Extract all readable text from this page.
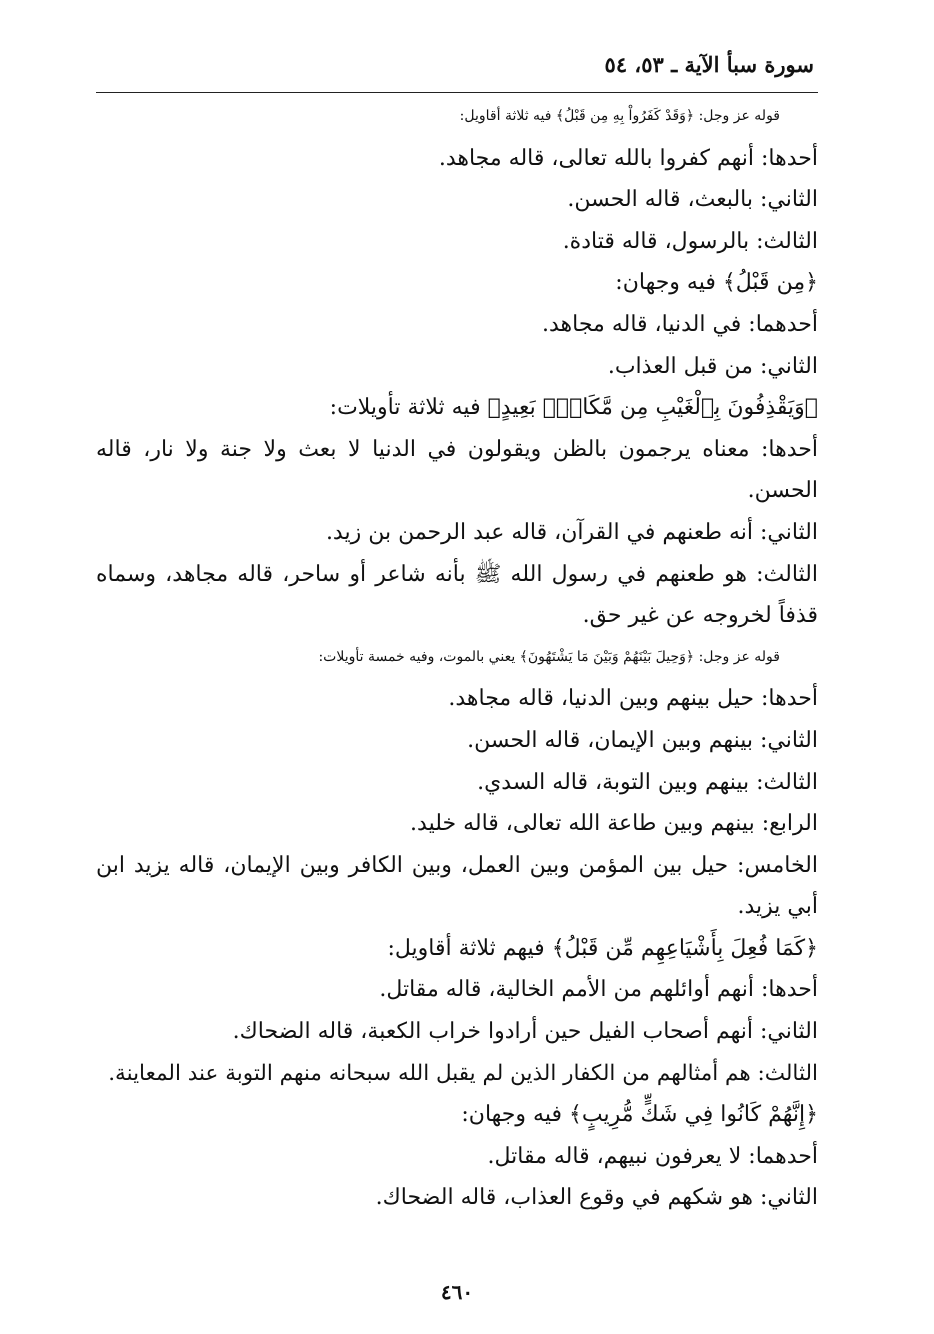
سورة سبأ الآية ـ ٥٣، ٥٤

قوله عز وجل: ﴿وَقَدْ كَفَرُواْ بِهِ مِن قَبْلُ﴾ فيه ثلاثة أقاويل:

أحدها: أنهم كفروا بالله تعالى، قاله مجاهد.

الثاني: بالبعث، قاله الحسن.

الثالث: بالرسول، قاله قتادة.

﴿مِن قَبْلُ﴾ فيه وجهان:

أحدهما: في الدنيا، قاله مجاهد.

الثاني: من قبل العذاب.

﴿وَيَقْذِفُونَ بِٱلْغَيْبِ مِن مَّكَانِۭ بَعِيدٍ﴾ فيه ثلاثة تأويلات:

أحدها: معناه يرجمون بالظن ويقولون في الدنيا لا بعث ولا جنة ولا نار، قاله الحسن.

الثاني: أنه طعنهم في القرآن، قاله عبد الرحمن بن زيد.

الثالث: هو طعنهم في رسول الله ﷺ بأنه شاعر أو ساحر، قاله مجاهد، وسماه قذفاً لخروجه عن غير حق.

قوله عز وجل: ﴿وَحِيلَ بَيْنَهُمْ وَبَيْنَ مَا يَشْتَهُونَ﴾ يعني بالموت، وفيه خمسة تأويلات:

أحدها: حيل بينهم وبين الدنيا، قاله مجاهد.

الثاني: بينهم وبين الإيمان، قاله الحسن.

الثالث: بينهم وبين التوبة، قاله السدي.

الرابع: بينهم وبين طاعة الله تعالى، قاله خليد.

الخامس: حيل بين المؤمن وبين العمل، وبين الكافر وبين الإيمان، قاله يزيد ابن أبي يزيد.

﴿كَمَا فُعِلَ بِأَشْيَاعِهِم مِّن قَبْلُ﴾ فيهم ثلاثة أقاويل:

أحدها: أنهم أوائلهم من الأمم الخالية، قاله مقاتل.

الثاني: أنهم أصحاب الفيل حين أرادوا خراب الكعبة، قاله الضحاك.

الثالث: هم أمثالهم من الكفار الذين لم يقبل الله سبحانه منهم التوبة عند المعاينة.

﴿إِنَّهُمْ كَانُوا فِي شَكٍّ مُّرِيبٍ﴾ فيه وجهان:

أحدهما: لا يعرفون نبيهم، قاله مقاتل.

الثاني: هو شكهم في وقوع العذاب، قاله الضحاك.

٤٦٠
